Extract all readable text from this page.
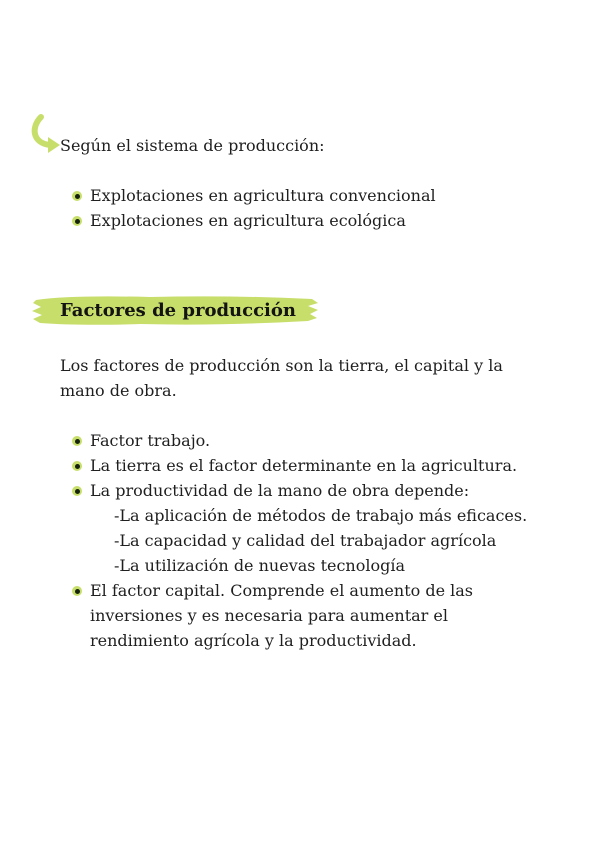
Según el sistema de producción:
Explotaciones en agricultura convencional
Explotaciones en agricultura ecológica
Factores de producción
Los factores de producción son la tierra, el capital y la mano de obra.
Factor trabajo.
La tierra es el factor determinante en la agricultura.
La productividad de la mano de obra depende:
-La aplicación de métodos de trabajo más eficaces.
-La capacidad y calidad del trabajador agrícola
-La utilización de nuevas tecnología
El factor capital. Comprende el aumento de las inversiones y es necesaria para aumentar el rendimiento agrícola y la productividad.
